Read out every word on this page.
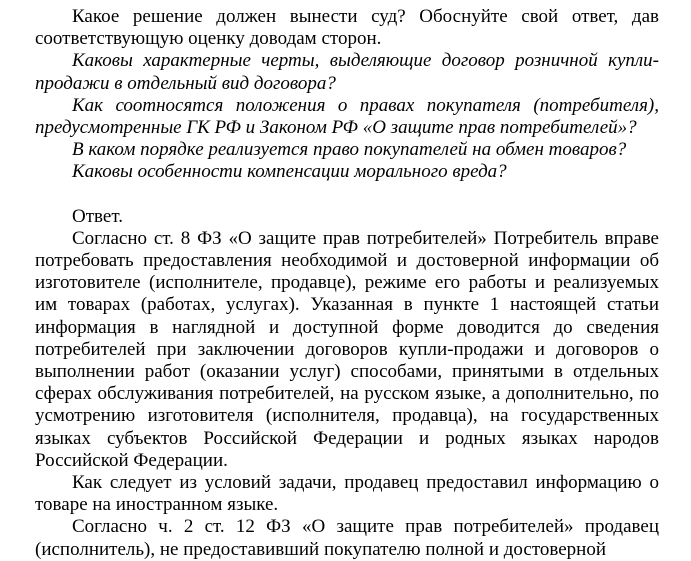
Какое решение должен вынести суд? Обоснуйте свой ответ, дав соответствующую оценку доводам сторон.

Каковы характерные черты, выделяющие договор розничной купли-продажи в отдельный вид договора?

Как соотносятся положения о правах покупателя (потребителя), предусмотренные ГК РФ и Законом РФ «О защите прав потребителей»?

В каком порядке реализуется право покупателей на обмен товаров?

Каковы особенности компенсации морального вреда?

Ответ.

Согласно ст. 8 ФЗ «О защите прав потребителей» Потребитель вправе потребовать предоставления необходимой и достоверной информации об изготовителе (исполнителе, продавце), режиме его работы и реализуемых им товарах (работах, услугах). Указанная в пункте 1 настоящей статьи информация в наглядной и доступной форме доводится до сведения потребителей при заключении договоров купли-продажи и договоров о выполнении работ (оказании услуг) способами, принятыми в отдельных сферах обслуживания потребителей, на русском языке, а дополнительно, по усмотрению изготовителя (исполнителя, продавца), на государственных языках субъектов Российской Федерации и родных языках народов Российской Федерации.

Как следует из условий задачи, продавец предоставил информацию о товаре на иностранном языке.

Согласно ч. 2 ст. 12 ФЗ «О защите прав потребителей» продавец (исполнитель), не предоставивший покупателю полной и достоверной
